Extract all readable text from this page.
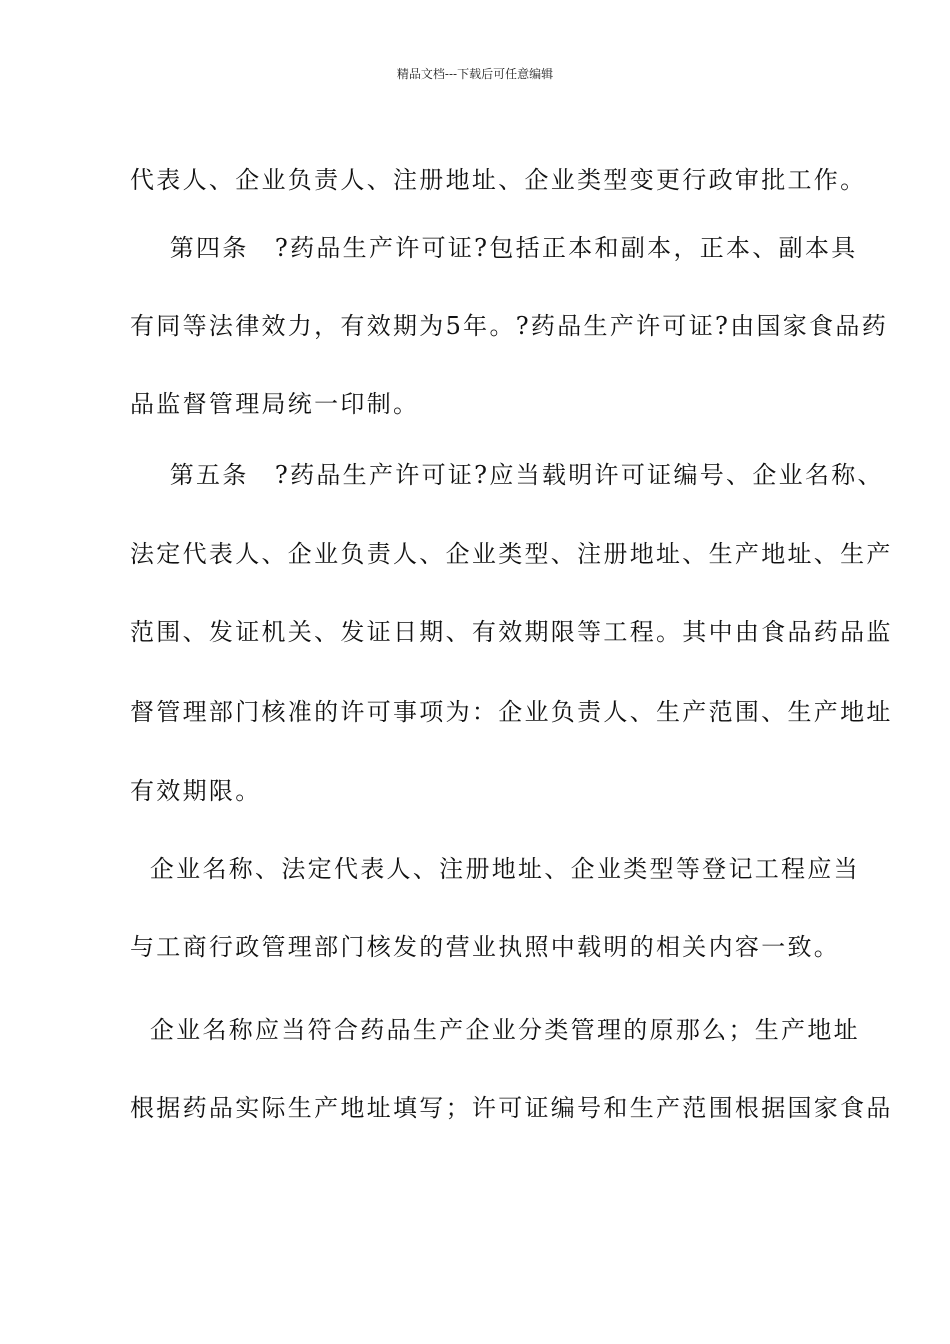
精品文档---下载后可任意编辑
代表人、企业负责人、注册地址、企业类型变更行政审批工作。
第四条　?药品生产许可证?包括正本和副本，正本、副本具
有同等法律效力，有效期为5年。?药品生产许可证?由国家食品药
品监督管理局统一印制。
第五条　?药品生产许可证?应当载明许可证编号、企业名称、
法定代表人、企业负责人、企业类型、注册地址、生产地址、生产
范围、发证机关、发证日期、有效期限等工程。其中由食品药品监
督管理部门核准的许可事项为：企业负责人、生产范围、生产地址
有效期限。
企业名称、法定代表人、注册地址、企业类型等登记工程应当
与工商行政管理部门核发的营业执照中载明的相关内容一致。
企业名称应当符合药品生产企业分类管理的原那么；生产地址
根据药品实际生产地址填写；许可证编号和生产范围根据国家食品
